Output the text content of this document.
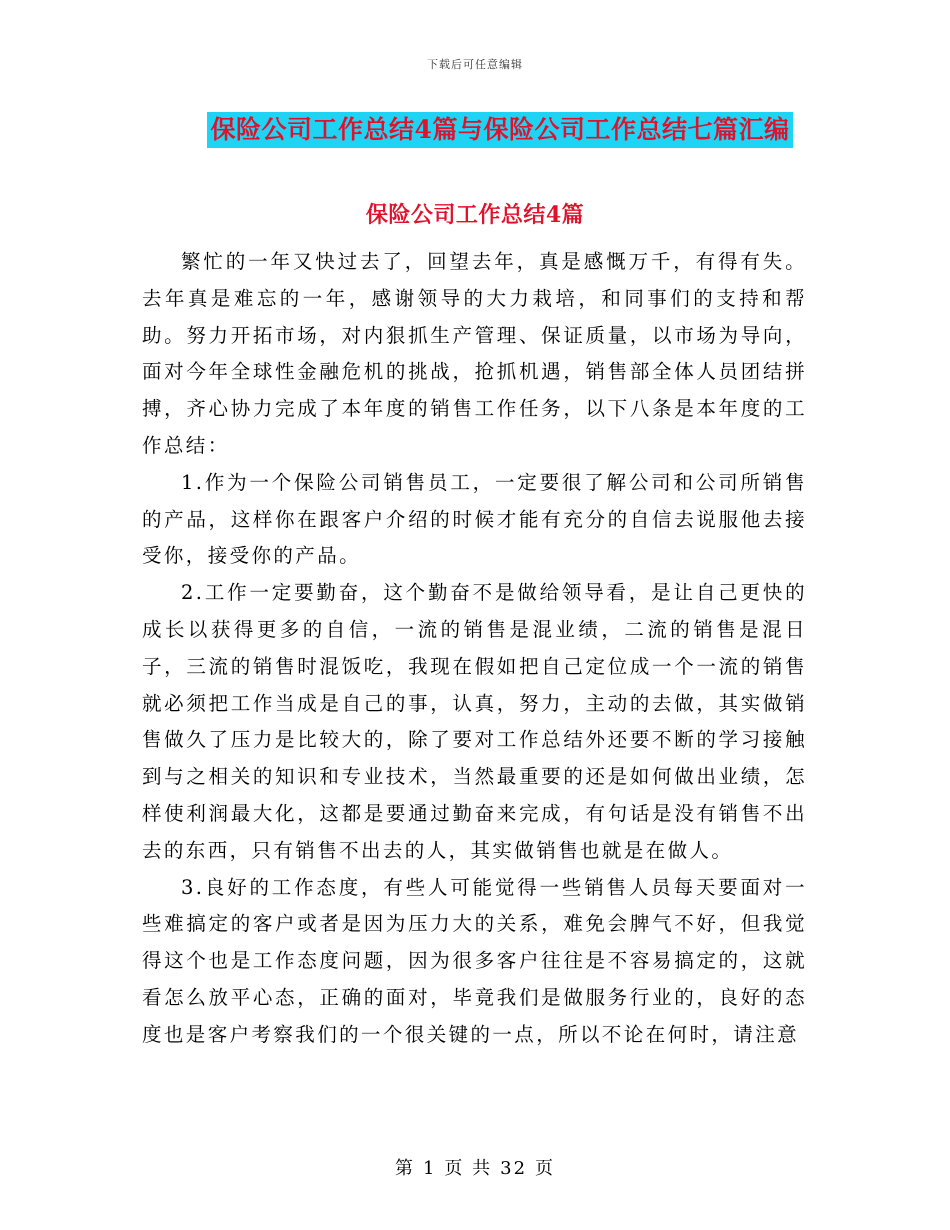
下载后可任意编辑
保险公司工作总结4篇与保险公司工作总结七篇汇编
保险公司工作总结4篇

繁忙的一年又快过去了，回望去年，真是感慨万千，有得有失。去年真是难忘的一年，感谢领导的大力栽培，和同事们的支持和帮助。努力开拓市场，对内狠抓生产管理、保证质量，以市场为导向，面对今年全球性金融危机的挑战，抢抓机遇，销售部全体人员团结拼搏，齐心协力完成了本年度的销售工作任务，以下八条是本年度的工作总结：

1.作为一个保险公司销售员工，一定要很了解公司和公司所销售的产品，这样你在跟客户介绍的时候才能有充分的自信去说服他去接受你，接受你的产品。

2.工作一定要勤奋，这个勤奋不是做给领导看，是让自己更快的成长以获得更多的自信，一流的销售是混业绩，二流的销售是混日子，三流的销售时混饭吃，我现在假如把自己定位成一个一流的销售就必须把工作当成是自己的事，认真，努力，主动的去做，其实做销售做久了压力是比较大的，除了要对工作总结外还要不断的学习接触到与之相关的知识和专业技术，当然最重要的还是如何做出业绩，怎样使利润最大化，这都是要通过勤奋来完成，有句话是没有销售不出去的东西，只有销售不出去的人，其实做销售也就是在做人。

3.良好的工作态度，有些人可能觉得一些销售人员每天要面对一些难搞定的客户或者是因为压力大的关系，难免会脾气不好，但我觉得这个也是工作态度问题，因为很多客户往往是不容易搞定的，这就看怎么放平心态，正确的面对，毕竟我们是做服务行业的，良好的态度也是客户考察我们的一个很关键的一点，所以不论在何时，请注意

第 1 页 共 32 页
